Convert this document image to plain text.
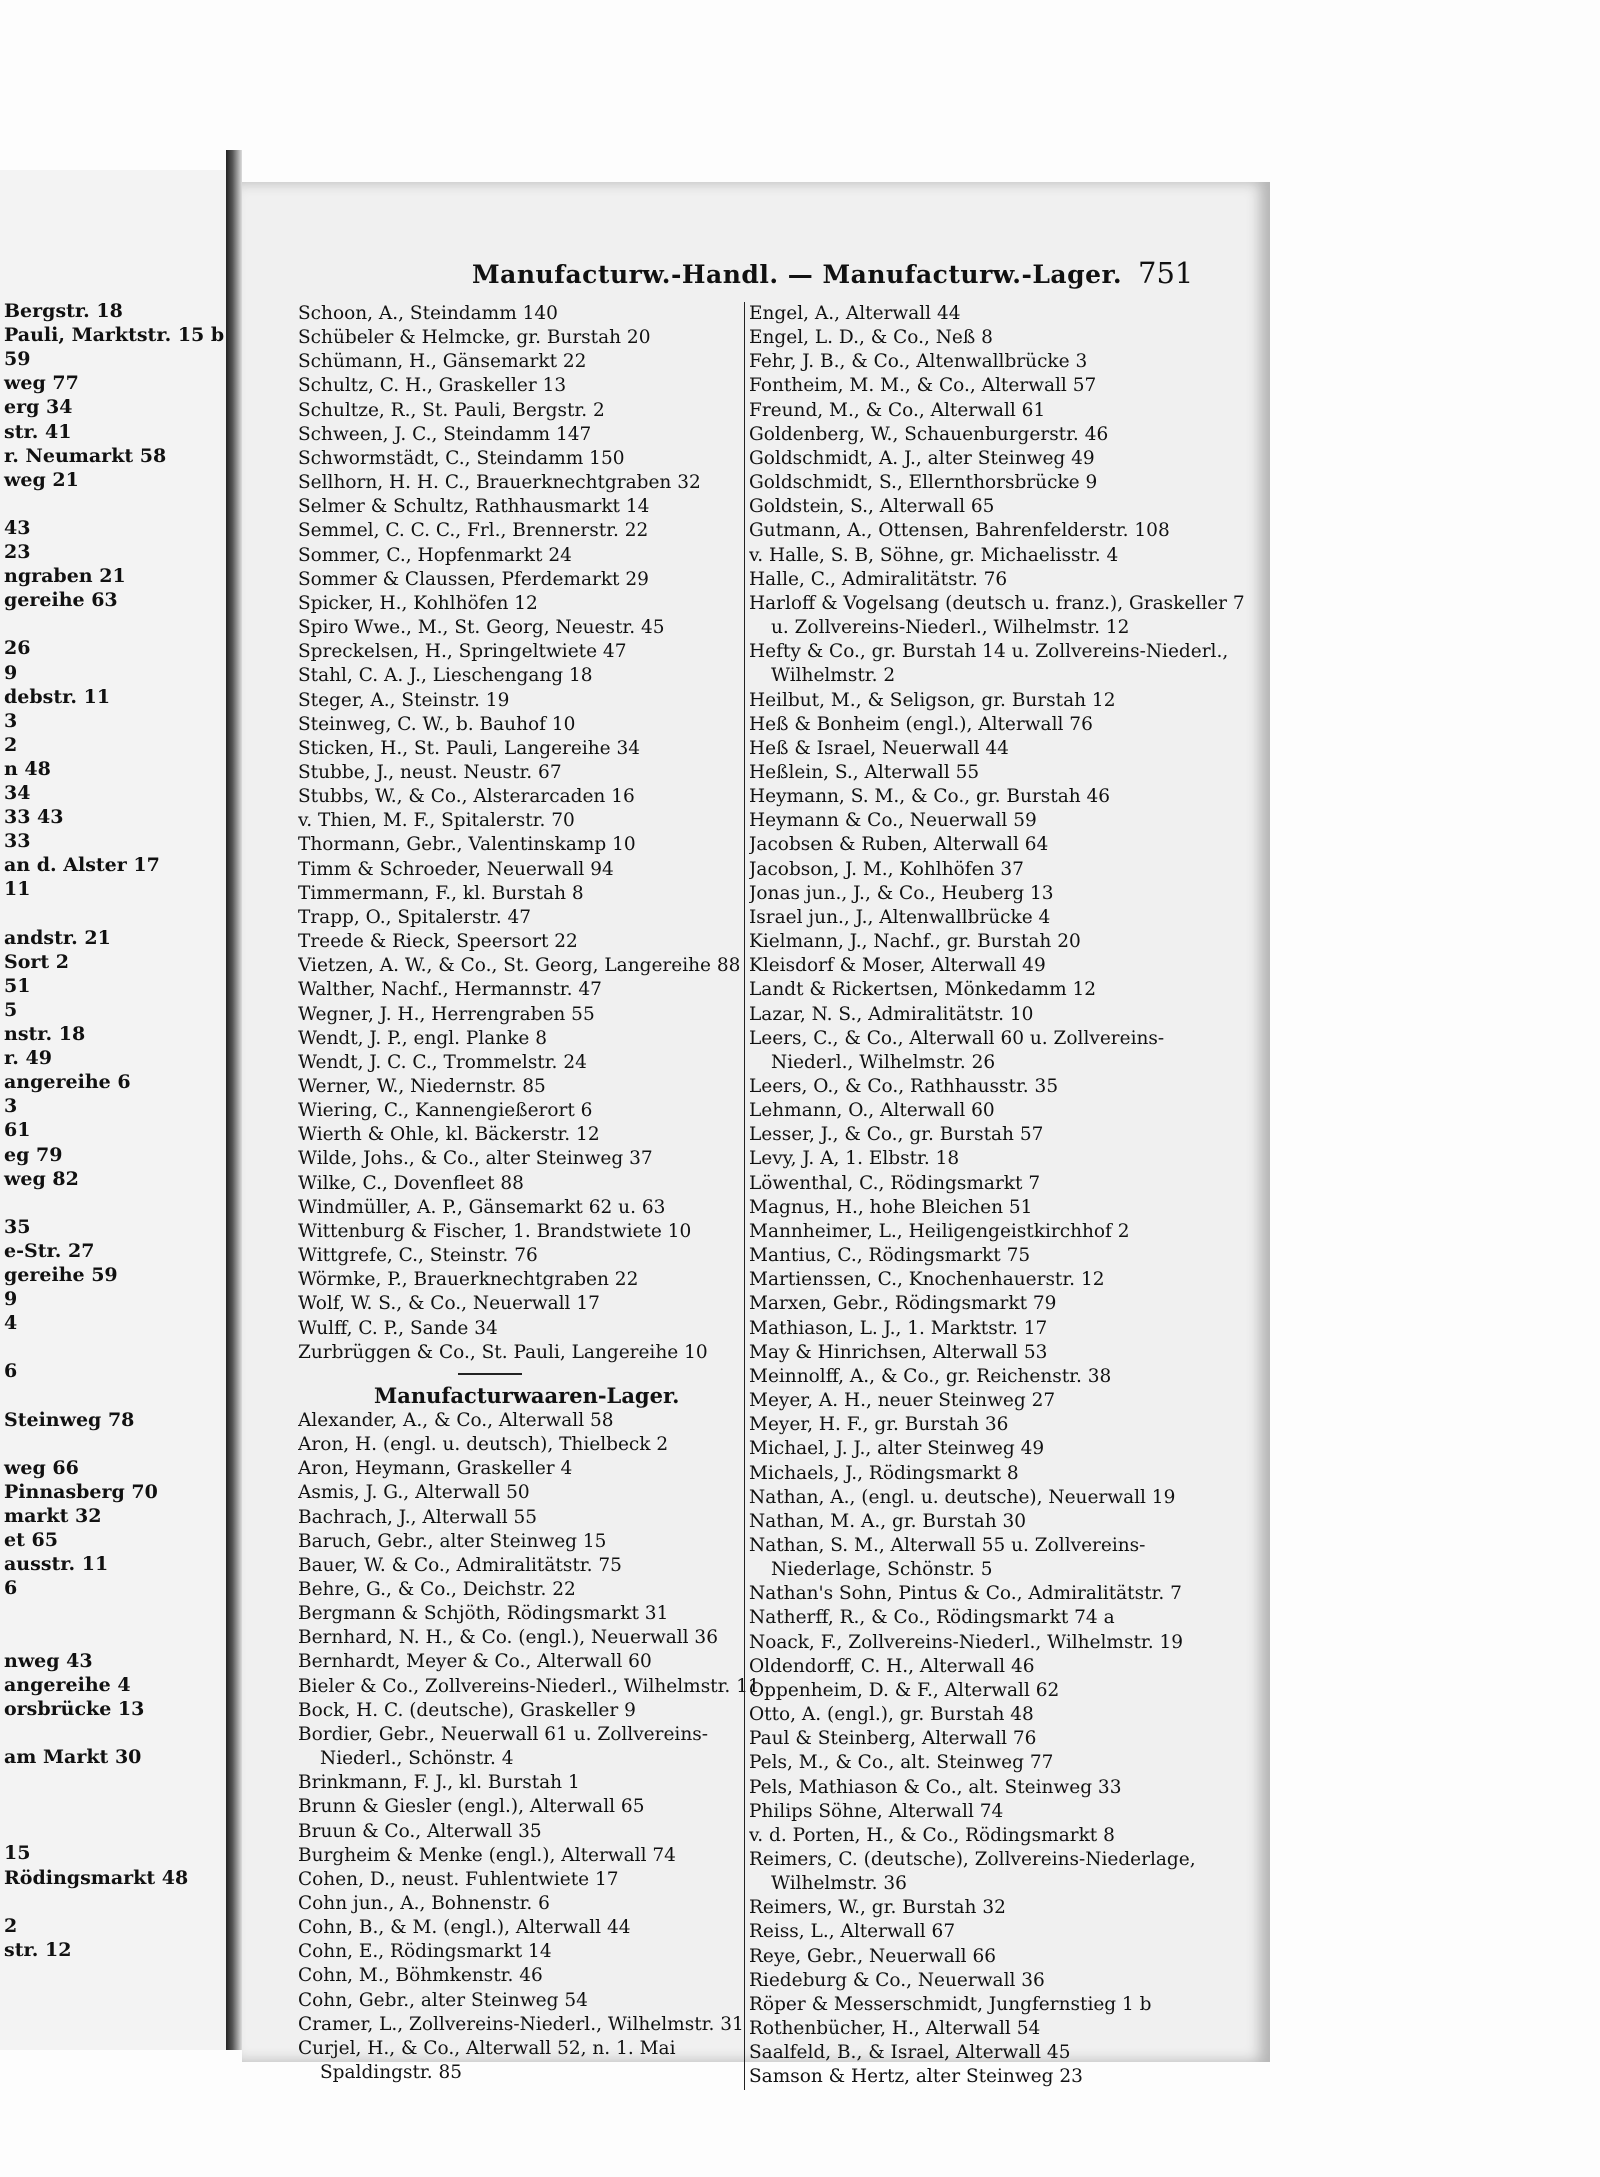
Bergstr. 18
Pauli, Marktstr. 15 b
59
weg 77
erg 34
str. 41
r. Neumarkt 58
weg 21
43
23
ngraben 21
gereihe 63
26
9
debstr. 11
3
2
n 48
34
33 43
33
an d. Alster 17
11
andstr. 21
Sort 2
51
5
nstr. 18
r. 49
angereihe 6
3
61
eg 79
weg 82
35
e-Str. 27
gereihe 59
9
4
6
Steinweg 78
weg 66
Pinnasberg 70
markt 32
et 65
ausstr. 11
6
nweg 43
angereihe 4
orsbrücke 13
am Markt 30
15
Rödingsmarkt 48
2
str. 12
Manufacturw.-Handl. — Manufacturw.-Lager. 751
Schoon, A., Steindamm 140
Schübeler & Helmcke, gr. Burstah 20
Schümann, H., Gänsemarkt 22
Schultz, C. H., Graskeller 13
Schultze, R., St. Pauli, Bergstr. 2
Schween, J. C., Steindamm 147
Schwormstädt, C., Steindamm 150
Sellhorn, H. H. C., Brauerknechtgraben 32
Selmer & Schultz, Rathhausmarkt 14
Semmel, C. C. C., Frl., Brennerstr. 22
Sommer, C., Hopfenmarkt 24
Sommer & Claussen, Pferdemarkt 29
Spicker, H., Kohlhöfen 12
Spiro Wwe., M., St. Georg, Neuestr. 45
Spreckelsen, H., Springeltwiete 47
Stahl, C. A. J., Lieschengang 18
Steger, A., Steinstr. 19
Steinweg, C. W., b. Bauhof 10
Sticken, H., St. Pauli, Langereihe 34
Stubbe, J., neust. Neustr. 67
Stubbs, W., & Co., Alsterarcaden 16
v. Thien, M. F., Spitalerstr. 70
Thormann, Gebr., Valentinskamp 10
Timm & Schroeder, Neuerwall 94
Timmermann, F., kl. Burstah 8
Trapp, O., Spitalerstr. 47
Treede & Rieck, Speersort 22
Vietzen, A. W., & Co., St. Georg, Langereihe 88
Walther, Nachf., Hermannstr. 47
Wegner, J. H., Herrengraben 55
Wendt, J. P., engl. Planke 8
Wendt, J. C. C., Trommelstr. 24
Werner, W., Niedernstr. 85
Wiering, C., Kannengießerort 6
Wierth & Ohle, kl. Bäckerstr. 12
Wilde, Johs., & Co., alter Steinweg 37
Wilke, C., Dovenfleet 88
Windmüller, A. P., Gänsemarkt 62 u. 63
Wittenburg & Fischer, 1. Brandstwiete 10
Wittgrefe, C., Steinstr. 76
Wörmke, P., Brauerknechtgraben 22
Wolf, W. S., & Co., Neuerwall 17
Wulff, C. P., Sande 34
Zurbrüggen & Co., St. Pauli, Langereihe 10
Manufacturwaaren-Lager.
Alexander, A., & Co., Alterwall 58
Aron, H. (engl. u. deutsch), Thielbeck 2
Aron, Heymann, Graskeller 4
Asmis, J. G., Alterwall 50
Bachrach, J., Alterwall 55
Baruch, Gebr., alter Steinweg 15
Bauer, W. & Co., Admiralitätstr. 75
Behre, G., & Co., Deichstr. 22
Bergmann & Schjöth, Rödingsmarkt 31
Bernhard, N. H., & Co. (engl.), Neuerwall 36
Bernhardt, Meyer & Co., Alterwall 60
Bieler & Co., Zollvereins-Niederl., Wilhelmstr. 11
Bock, H. C. (deutsche), Graskeller 9
Bordier, Gebr., Neuerwall 61 u. Zollvereins-
Niederl., Schönstr. 4
Brinkmann, F. J., kl. Burstah 1
Brunn & Giesler (engl.), Alterwall 65
Bruun & Co., Alterwall 35
Burgheim & Menke (engl.), Alterwall 74
Cohen, D., neust. Fuhlentwiete 17
Cohn jun., A., Bohnenstr. 6
Cohn, B., & M. (engl.), Alterwall 44
Cohn, E., Rödingsmarkt 14
Cohn, M., Böhmkenstr. 46
Cohn, Gebr., alter Steinweg 54
Cramer, L., Zollvereins-Niederl., Wilhelmstr. 31
Curjel, H., & Co., Alterwall 52, n. 1. Mai
Spaldingstr. 85
Engel, A., Alterwall 44
Engel, L. D., & Co., Neß 8
Fehr, J. B., & Co., Altenwallbrücke 3
Fontheim, M. M., & Co., Alterwall 57
Freund, M., & Co., Alterwall 61
Goldenberg, W., Schauenburgerstr. 46
Goldschmidt, A. J., alter Steinweg 49
Goldschmidt, S., Ellernthorsbrücke 9
Goldstein, S., Alterwall 65
Gutmann, A., Ottensen, Bahrenfelderstr. 108
v. Halle, S. B, Söhne, gr. Michaelisstr. 4
Halle, C., Admiralitätstr. 76
Harloff & Vogelsang (deutsch u. franz.), Graskeller 7
u. Zollvereins-Niederl., Wilhelmstr. 12
Hefty & Co., gr. Burstah 14 u. Zollvereins-Niederl.,
Wilhelmstr. 2
Heilbut, M., & Seligson, gr. Burstah 12
Heß & Bonheim (engl.), Alterwall 76
Heß & Israel, Neuerwall 44
Heßlein, S., Alterwall 55
Heymann, S. M., & Co., gr. Burstah 46
Heymann & Co., Neuerwall 59
Jacobsen & Ruben, Alterwall 64
Jacobson, J. M., Kohlhöfen 37
Jonas jun., J., & Co., Heuberg 13
Israel jun., J., Altenwallbrücke 4
Kielmann, J., Nachf., gr. Burstah 20
Kleisdorf & Moser, Alterwall 49
Landt & Rickertsen, Mönkedamm 12
Lazar, N. S., Admiralitätstr. 10
Leers, C., & Co., Alterwall 60 u. Zollvereins-
Niederl., Wilhelmstr. 26
Leers, O., & Co., Rathhausstr. 35
Lehmann, O., Alterwall 60
Lesser, J., & Co., gr. Burstah 57
Levy, J. A, 1. Elbstr. 18
Löwenthal, C., Rödingsmarkt 7
Magnus, H., hohe Bleichen 51
Mannheimer, L., Heiligengeistkirchhof 2
Mantius, C., Rödingsmarkt 75
Martienssen, C., Knochenhauerstr. 12
Marxen, Gebr., Rödingsmarkt 79
Mathiason, L. J., 1. Marktstr. 17
May & Hinrichsen, Alterwall 53
Meinnolff, A., & Co., gr. Reichenstr. 38
Meyer, A. H., neuer Steinweg 27
Meyer, H. F., gr. Burstah 36
Michael, J. J., alter Steinweg 49
Michaels, J., Rödingsmarkt 8
Nathan, A., (engl. u. deutsche), Neuerwall 19
Nathan, M. A., gr. Burstah 30
Nathan, S. M., Alterwall 55 u. Zollvereins-
Niederlage, Schönstr. 5
Nathan's Sohn, Pintus & Co., Admiralitätstr. 7
Natherff, R., & Co., Rödingsmarkt 74 a
Noack, F., Zollvereins-Niederl., Wilhelmstr. 19
Oldendorff, C. H., Alterwall 46
Oppenheim, D. & F., Alterwall 62
Otto, A. (engl.), gr. Burstah 48
Paul & Steinberg, Alterwall 76
Pels, M., & Co., alt. Steinweg 77
Pels, Mathiason & Co., alt. Steinweg 33
Philips Söhne, Alterwall 74
v. d. Porten, H., & Co., Rödingsmarkt 8
Reimers, C. (deutsche), Zollvereins-Niederlage,
Wilhelmstr. 36
Reimers, W., gr. Burstah 32
Reiss, L., Alterwall 67
Reye, Gebr., Neuerwall 66
Riedeburg & Co., Neuerwall 36
Röper & Messerschmidt, Jungfernstieg 1 b
Rothenbücher, H., Alterwall 54
Saalfeld, B., & Israel, Alterwall 45
Samson & Hertz, alter Steinweg 23
